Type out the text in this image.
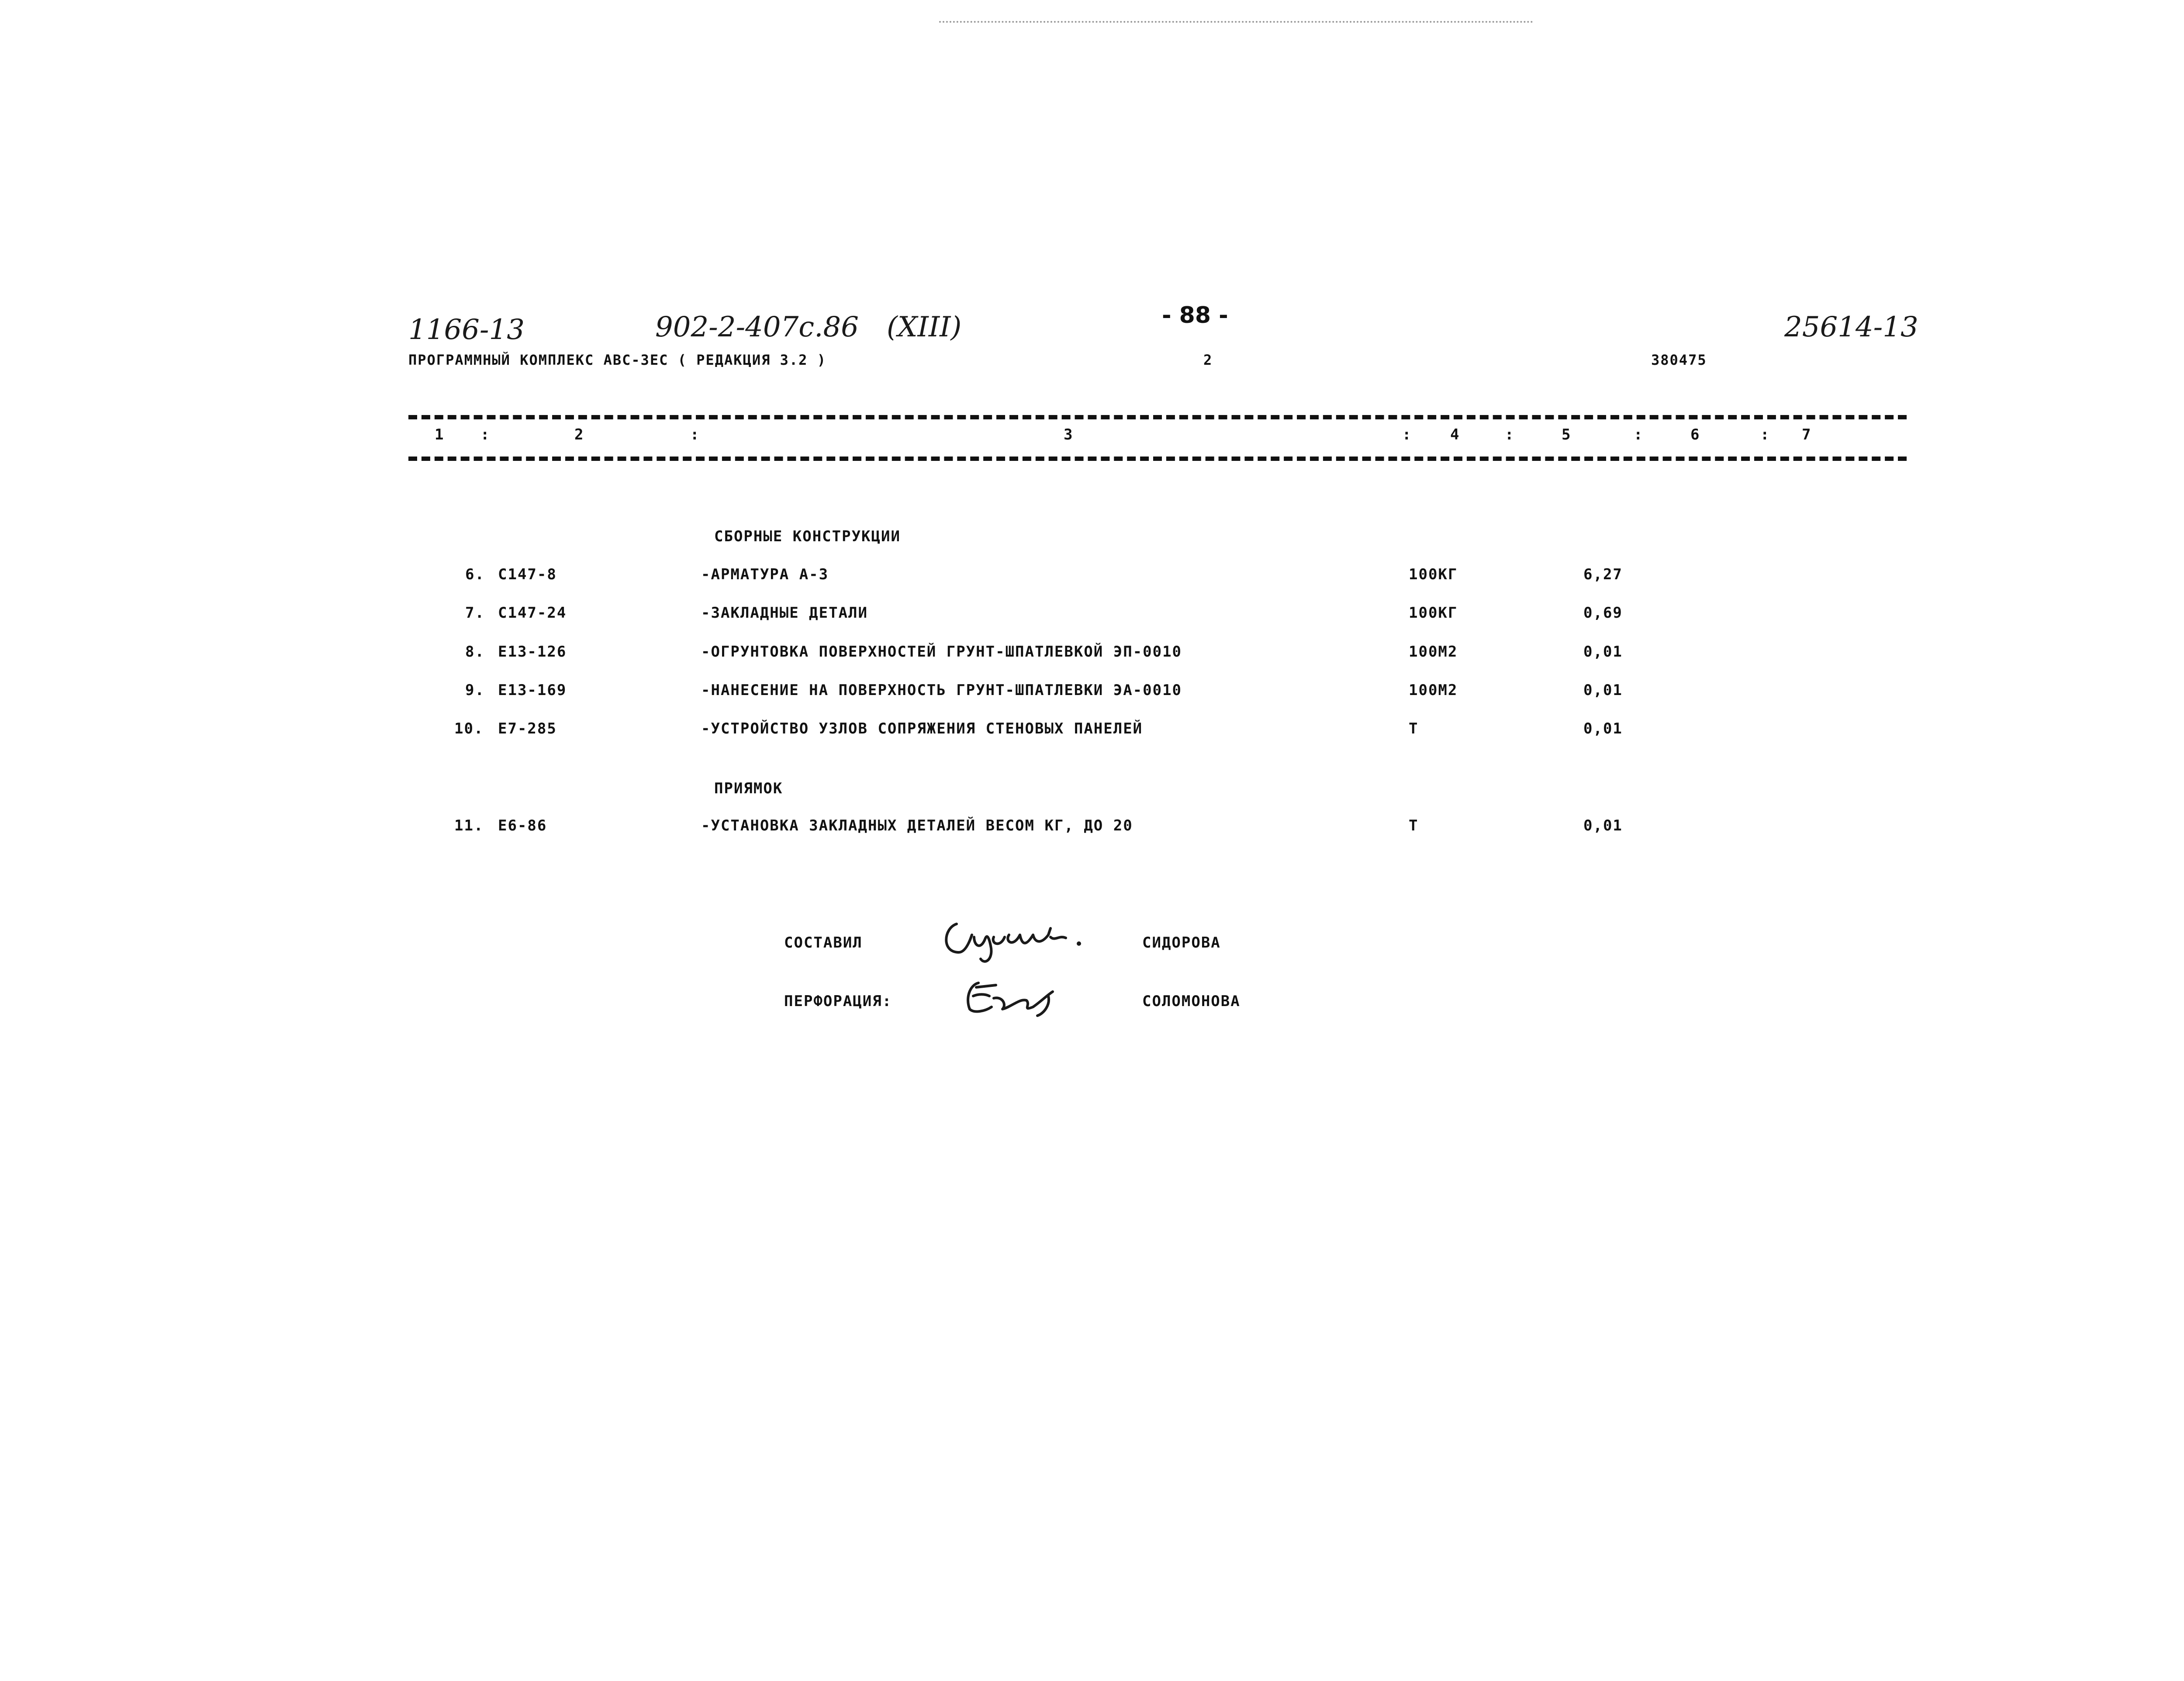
1166-13	902-2-407с.86 (XIII)	- 88 -	25614-13
ПРОГРАММНЫЙ КОМПЛЕКС АВС-ЗЕС ( РЕДАКЦИЯ 3.2 )	2	380475
1 :	2	:	3	:	4	:	5	:	6	: 7
СБОРНЫЕ КОНСТРУКЦИИ
6. С147-8	-АРМАТУРА А-3	100КГ	6,27
7. С147-24	-ЗАКЛАДНЫЕ ДЕТАЛИ	100КГ	0,69
8. Е13-126	-ОГРУНТОВКА ПОВЕРХНОСТЕЙ ГРУНТ-ШПАТЛЕВКОЙ ЭП-0010	100М2	0,01
9. Е13-169	-НАНЕСЕНИЕ НА ПОВЕРХНОСТЬ ГРУНТ-ШПАТЛЕВКИ ЭА-0010	100М2	0,01
10. Е7-285	-УСТРОЙСТВО УЗЛОВ СОПРЯЖЕНИЯ СТЕНОВЫХ ПАНЕЛЕЙ	Т	0,01
ПРИЯМОК
11. Е6-86	-УСТАНОВКА ЗАКЛАДНЫХ ДЕТАЛЕЙ ВЕСОМ КГ, ДО 20	Т	0,01
СОСТАВИЛ	СИДОРОВА
ПЕРФОРАЦИЯ:	СОЛОМОНОВА
